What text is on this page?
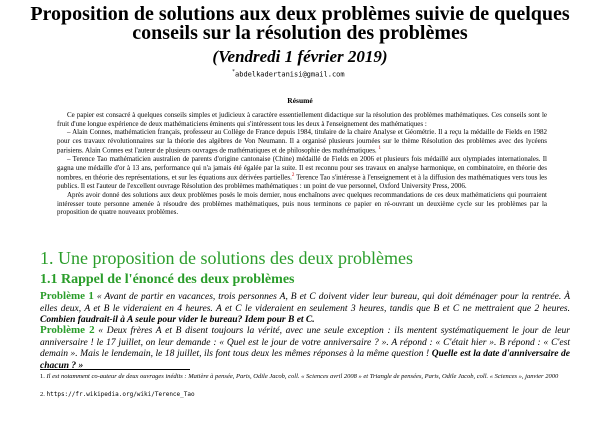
Proposition de solutions aux deux problèmes suivie de quelques conseils sur la résolution des problèmes
(Vendredi 1 février 2019)
*abdelkadertanisi@gmail.com
Résumé

Ce papier est consacré à quelques conseils simples et judicieux à caractère essentiellement didactique sur la résolution des problèmes mathématiques. Ces conseils sont le fruit d'une longue expérience de deux mathématiciens éminents qui s'intéressent tous les deux à l'enseignement des mathématiques :

– Alain Connes, mathématicien français, professeur au Collège de France depuis 1984, titulaire de la chaire Analyse et Géométrie. Il a reçu la médaille de Fields en 1982 pour ces travaux révolutionnaires sur la théorie des algèbres de Von Neumann. Il a organisé plusieurs journées sur le thème Résolution des problèmes avec des lycéens parisiens. Alain Connes est l'auteur de plusieurs ouvrages de mathématiques et de philosophie des mathématiques. $^1$

– Terence Tao mathématicien australien de parents d'origine cantonaise (Chine) médaillé de Fields en 2006 et plusieurs fois médaillé aux olympiades internationales. Il gagna une médaille d'or à 13 ans, performance qui n'a jamais été égalée par la suite. Il est reconnu pour ses travaux en analyse harmonique, en combinatoire, en théorie des nombres, en théorie des représentations, et sur les équations aux dérivées partielles.$^2$ Terence Tao s'intéresse à l'enseignement et à la diffusion des mathématiques vers tous les publics. Il est l'auteur de l'excellent ouvrage Résolution des problèmes mathématiques : un point de vue personnel, Oxford University Press, 2006.

Après avoir donné des solutions aux deux problèmes posés le mois dernier, nous enchaînons avec quelques recommandations de ces deux mathématiciens qui pourraient intéresser toute personne amenée à résoudre des problèmes mathématiques, puis nous terminons ce papier en ré-ouvrant un deuxième cycle sur les problèmes par la proposition de quatre nouveaux problèmes.

1. Une proposition de solutions des deux problèmes
1.1 Rappel de l'énoncé des deux problèmes
Problème 1 « Avant de partir en vacances, trois personnes A, B et C doivent vider leur bureau, qui doit déménager pour la rentrée. À elles deux, A et B le videraient en 4 heures. A et C le videraient en seulement 3 heures, tandis que B et C ne mettraient que 2 heures. Combien faudrait-il à A seule pour vider le bureau? Idem pour B et C.
Problème 2 « Deux frères A et B disent toujours la vérité, avec une seule exception : ils mentent systématiquement le jour de leur anniversaire ! le 17 juillet, on leur demande : « Quel est le jour de votre anniversaire ? ». A répond : « C'était hier ». B répond : « C'est demain ». Mais le lendemain, le 18 juillet, ils font tous deux les mêmes réponses à la même question ! Quelle est la date d'anniversaire de chacun ? »
1. Il est notamment co-auteur de deux ouvrages inédits : Matière à pensée, Paris, Odile Jacob, coll. « Sciences avril 2008 » et Triangle de pensées, Paris, Odile Jacob, coll. « Sciences », janvier 2000
2. https://fr.wikipedia.org/wiki/Terence_Tao
